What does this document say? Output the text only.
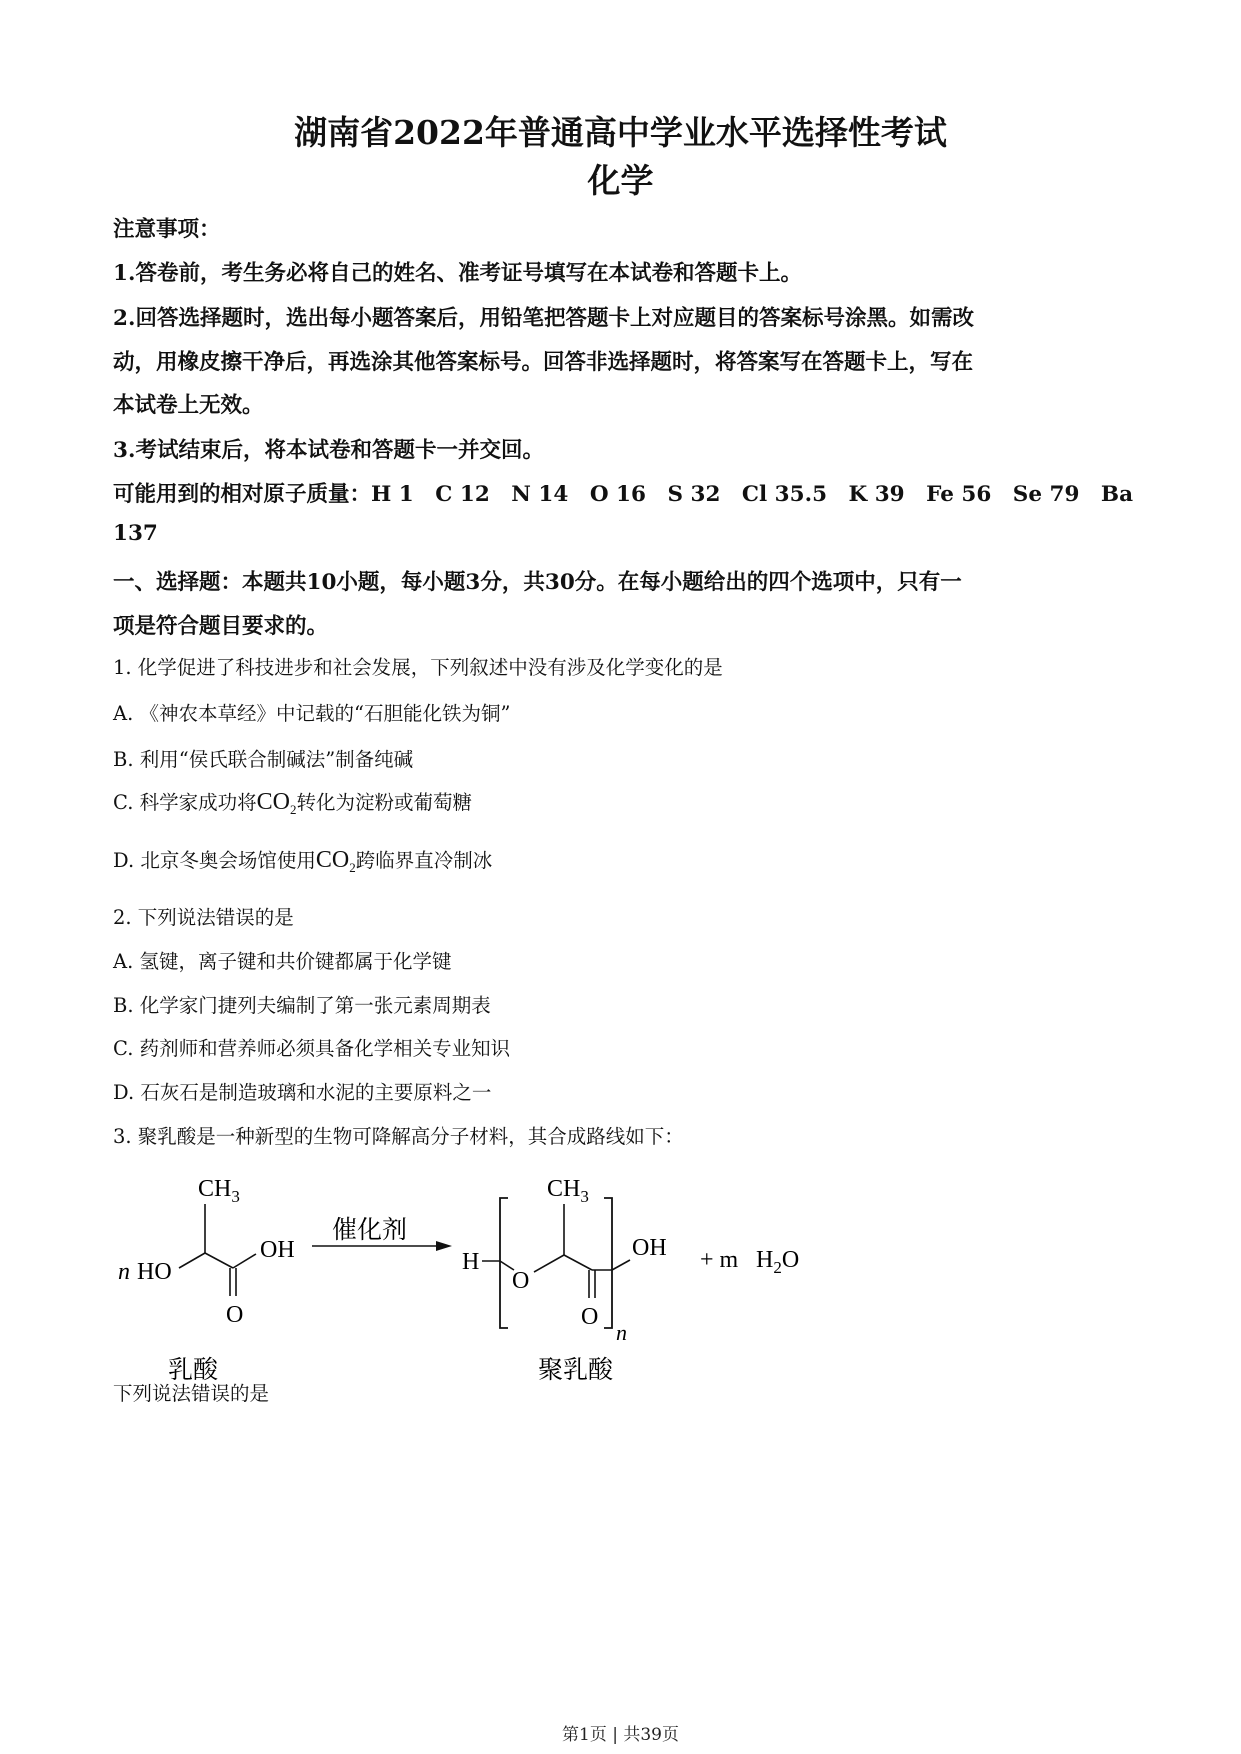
湖南省2022年普通高中学业水平选择性考试
化学
注意事项：
1.答卷前，考生务必将自己的姓名、准考证号填写在本试卷和答题卡上。
2.回答选择题时，选出每小题答案后，用铅笔把答题卡上对应题目的答案标号涂黑。如需改
动，用橡皮擦干净后，再选涂其他答案标号。回答非选择题时，将答案写在答题卡上，写在
本试卷上无效。
3.考试结束后，将本试卷和答题卡一并交回。
可能用到的相对原子质量：H 1　C 12　N 14　O 16　S 32　Cl 35.5　K 39　Fe 56　Se 79　Ba
137
一、选择题：本题共10小题，每小题3分，共30分。在每小题给出的四个选项中，只有一
项是符合题目要求的。
1. 化学促进了科技进步和社会发展，下列叙述中没有涉及化学变化的是
A. 《神农本草经》中记载的“石胆能化铁为铜”
B. 利用“侯氏联合制碱法”制备纯碱
C. 科学家成功将$CO_2$转化为淀粉或葡萄糖
D. 北京冬奥会场馆使用$CO_2$跨临界直冷制冰
2. 下列说法错误的是
A. 氢键，离子键和共价键都属于化学键
B. 化学家门捷列夫编制了第一张元素周期表
C. 药剂师和营养师必须具备化学相关专业知识
D. 石灰石是制造玻璃和水泥的主要原料之一
3. 聚乳酸是一种新型的生物可降解高分子材料，其合成路线如下：
n HO
$CH_3$
OH
O
乳酸
催化剂
H
O
$CH_3$
O
n
OH
聚乳酸
+ m $H_2O$
下列说法错误的是
第1页 | 共39页
